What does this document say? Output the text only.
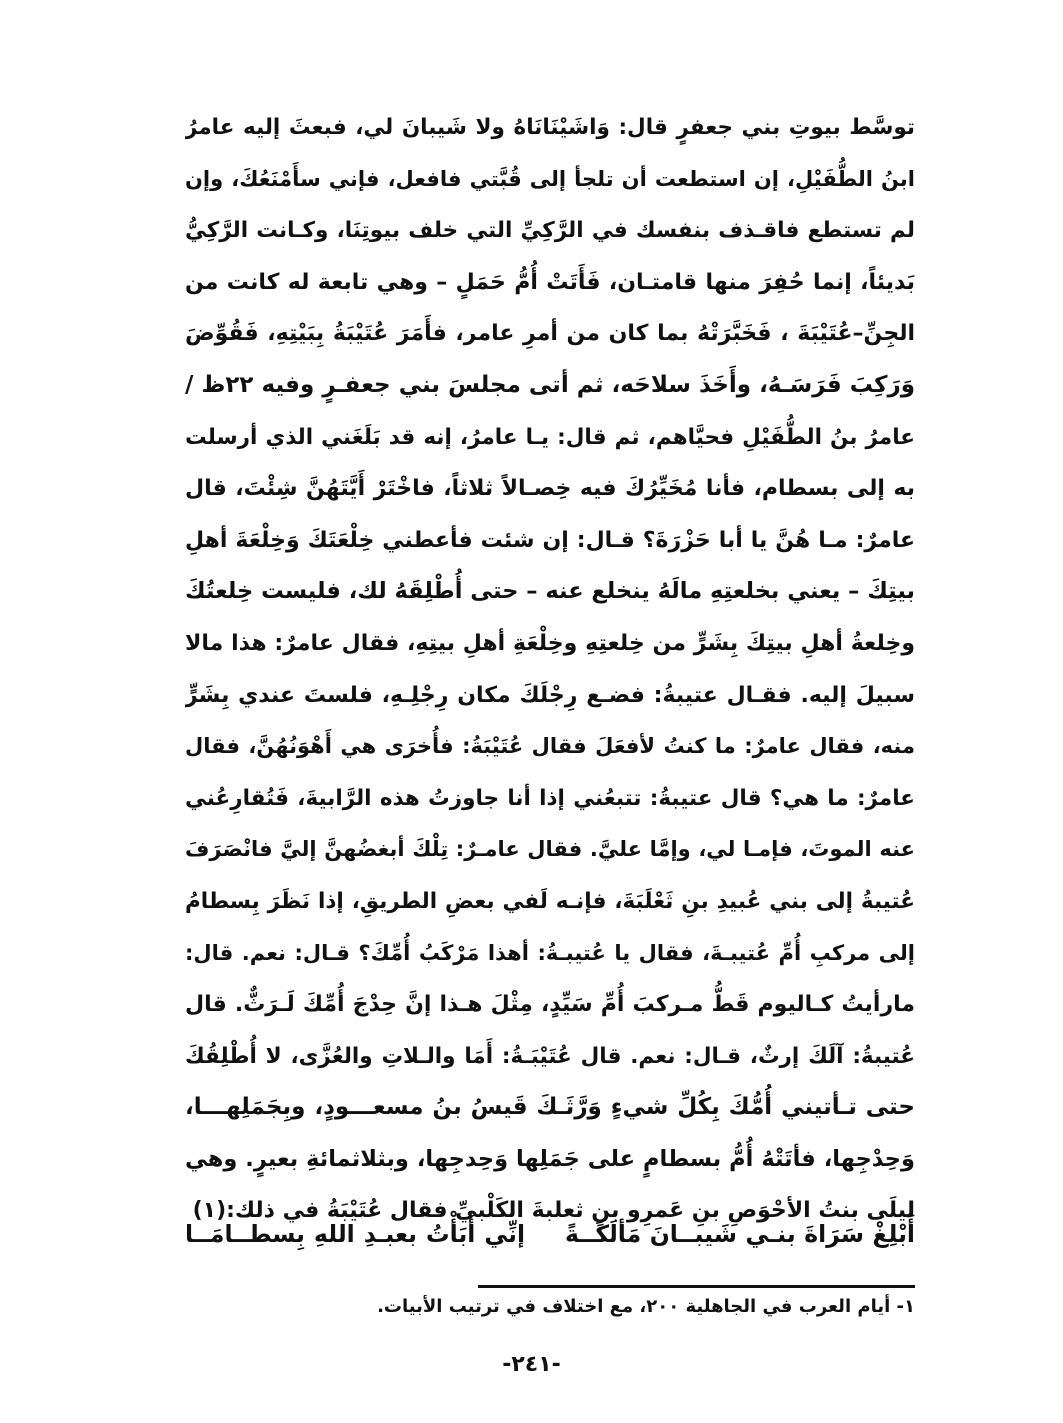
توسَّط بيوتِ بني جعفرٍ قال: وَاشَيْنَانَاهُ ولا شَيبانَ لي، فبعثَ إليه عامرُ
ابنُ الطُّفَيْلِ، إن استطعت أن تلجأ إلى قُبَّتي فافعل، فإني سأَمْنَعُكَ، وإن
لم تستطع فاقـذف بنفسك في الرَّكِيِّ التي خلف بيوتِنَا، وكـانت الرَّكِيُّ
بَديئاً، إنما حُفِرَ منها قامتـان، فَأَتَتْ أُمُّ حَمَلٍ – وهي تابعة له كانت من
الجِنِّ–عُتَيْبَةَ ، فَخَبَّرَتْهُ بما كان من أمرِ عامر، فأَمَرَ عُتَيْبَةُ بِبَيْتِهِ، فَقُوِّضَ
وَرَكِبَ فَرَسَـهُ، وأَخَذَ سلاحَه، ثم أتى مجلسَ بني جعفـرٍ وفيه ٢٢ظ /
عامرُ بنُ الطُّفَيْلِ فحيَّاهم، ثم قال: يـا عامرُ، إنه قد بَلَغَني الذي أرسلت
به إلى بسطام، فأنا مُخَيِّرُكَ فيه خِصـالاً ثلاثاً، فاخْتَرْ أَيَّتَهُنَّ شِئْتَ، قال
عامرٌ: مـا هُنَّ يا أبا حَزْرَةَ؟ قـال: إن شئت فأعطني خِلْعَتَكَ وَخِلْعَةَ أهلِ
بيتِكَ – يعني بخلعتِهِ مالَهُ ينخلع عنه – حتى أُطْلِقَهُ لك، فليست خِلعتُكَ
وخِلعةُ أهلِ بيتِكَ بِشَرٍّ من خِلعتِهِ وخِلْعَةِ أهلِ بيتِهِ، فقال عامرٌ: هذا مالا
سبيلَ إليه. فقـال عتيبةُ: فضـع رِجْلَكَ مكان رِجْلِـهِ، فلستَ عندي بِشَرٍّ
منه، فقال عامرٌ: ما كنتُ لأفعَلَ فقال عُتَيْبَةُ: فأُخرَى هي أَهْوَنُهُنَّ، فقال
عامرٌ: ما هي؟ قال عتيبةُ: تتبعُني إذا أنا جاوزتُ هذه الرَّابيةَ، فَتُقارِعُني
عنه الموتَ، فإمـا لي، وإمَّا عليَّ. فقال عامـرٌ: تِلْكَ أبغضُهنَّ إليَّ فانْصَرَفَ
عُتيبةُ إلى بني عُبيدِ بنِ ثَعْلَبَةَ، فإنـه لَفي بعضِ الطريقِ، إذا نَظَرَ بِسطامُ
إلى مركبِ أُمِّ عُتيبـةَ، فقال يا عُتيبـةُ: أهذا مَرْكَبُ أُمِّكَ؟ قـال: نعم. قال:
مارأيتُ كـاليوم قَطُّ مـركبَ أُمِّ سَيِّدٍ، مِثْلَ هـذا إنَّ حِدْجَ أُمِّكَ لَـرَثٌّ. قال
عُتيبةُ: آلَكَ إرثٌ، قـال: نعم. قال عُتَيْبَـةُ: أَمَا والـلاتِ والعُزَّى، لا أُطْلِقُكَ
حتى تـأتيني أُمُّكَ بِكُلِّ شيءٍ وَرَّثَـكَ قَيسُ بنُ مسعـــودٍ، وبِجَمَلِهـــا،
وَحِدْجِها، فأتَتْهُ أُمُّ بسطامٍ على جَمَلِها وَحِدجِها، وبثلاثمائةِ بعيرٍ. وهي
ليلَى بنتُ الأحْوَصِ بنِ عَمرِو بنِ ثعلبةَ الكَلْبيِّ فقال عُتَيْبَةُ في ذلك:(١)
أَبْلِغْ سَرَاةَ بنـي شَيبــانَ مَألَكَــةً
إنِّي أَبَأْتُ بعبـدِ اللهِ بِسطــامَــا
١- أيام العرب في الجاهلية ٢٠٠، مع اختلاف في ترتيب الأبيات.
-٢٤١-
